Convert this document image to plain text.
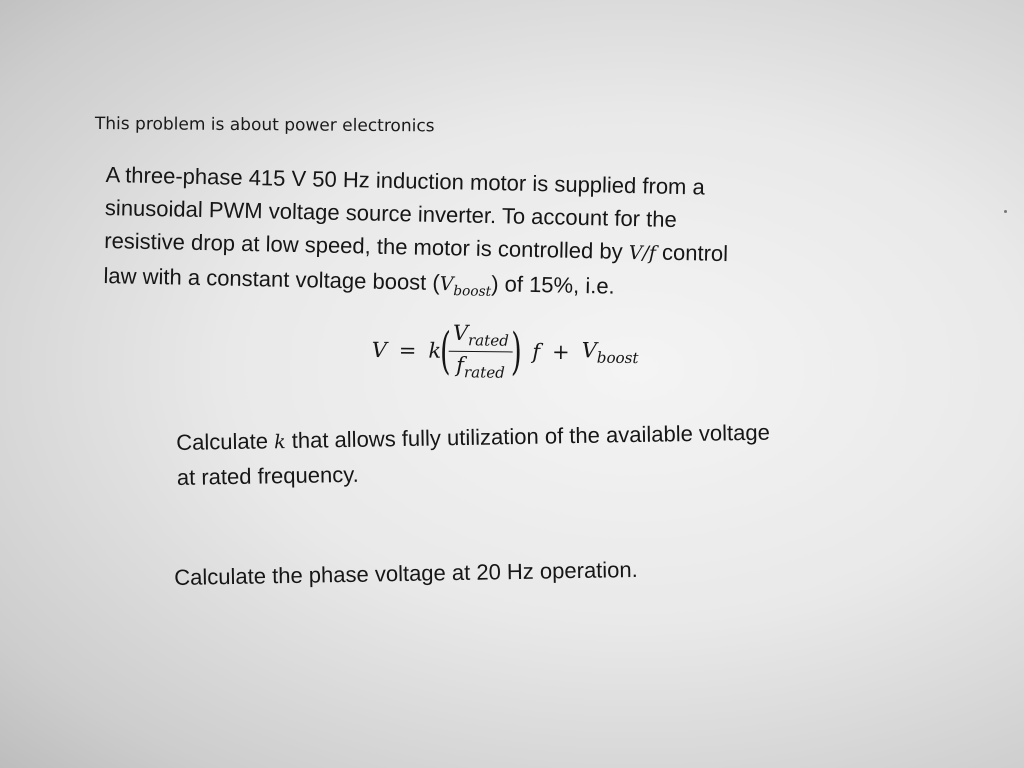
This problem is about power electronics
A three-phase 415 V 50 Hz induction motor is supplied from a
sinusoidal PWM voltage source inverter. To account for the
resistive drop at low speed, the motor is controlled by V/f control
law with a constant voltage boost $(V_{boost})$ of 15%, i.e.
V = k
(
$\frac{V_{rated}}{f_{rated}}$
) $f + V_{boost}$
Calculate k that allows fully utilization of the available voltage
at rated frequency.
Calculate the phase voltage at 20 Hz operation.
